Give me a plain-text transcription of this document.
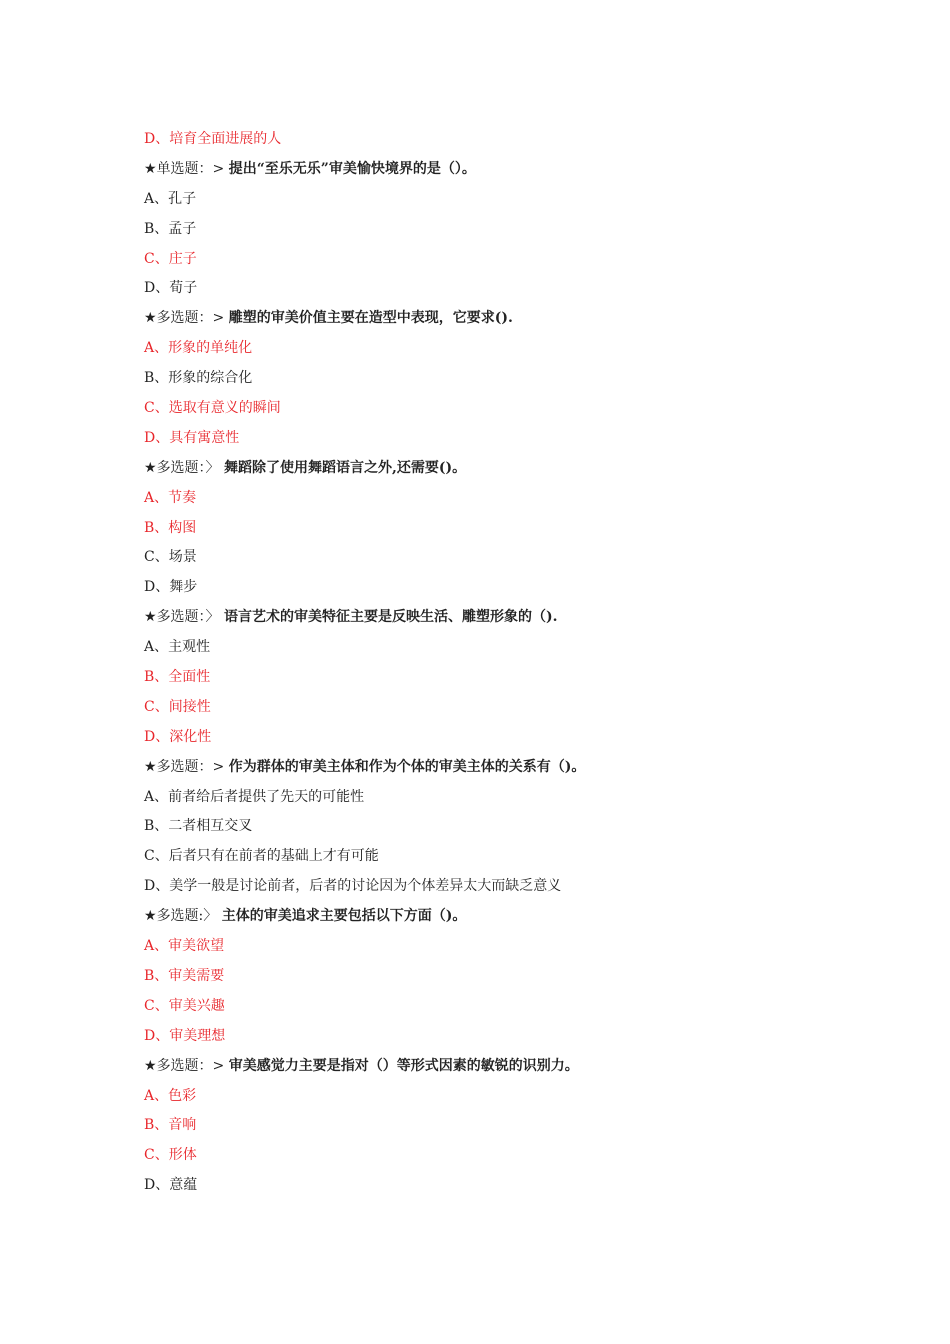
D、培育全面进展的人
★单选题：> 提出“至乐无乐”审美愉快境界的是（）。
A、孔子
B、孟子
C、庄子
D、荀子
★多选题：> 雕塑的审美价值主要在造型中表现，它要求().
A、形象的单纯化
B、形象的综合化
C、选取有意义的瞬间
D、具有寓意性
★多选题：〉 舞蹈除了使用舞蹈语言之外,还需要()。
A、节奏
B、构图
C、场景
D、舞步
★多选题：〉 语言艺术的审美特征主要是反映生活、雕塑形象的（).
A、主观性
B、全面性
C、间接性
D、深化性
★多选题：> 作为群体的审美主体和作为个体的审美主体的关系有（)。
A、前者给后者提供了先天的可能性
B、二者相互交叉
C、后者只有在前者的基础上才有可能
D、美学一般是讨论前者，后者的讨论因为个体差异太大而缺乏意义
★多选题:〉 主体的审美追求主要包括以下方面（)。
A、审美欲望
B、审美需要
C、审美兴趣
D、审美理想
★多选题：> 审美感觉力主要是指对（）等形式因素的敏锐的识别力。
A、色彩
B、音响
C、形体
D、意蕴
